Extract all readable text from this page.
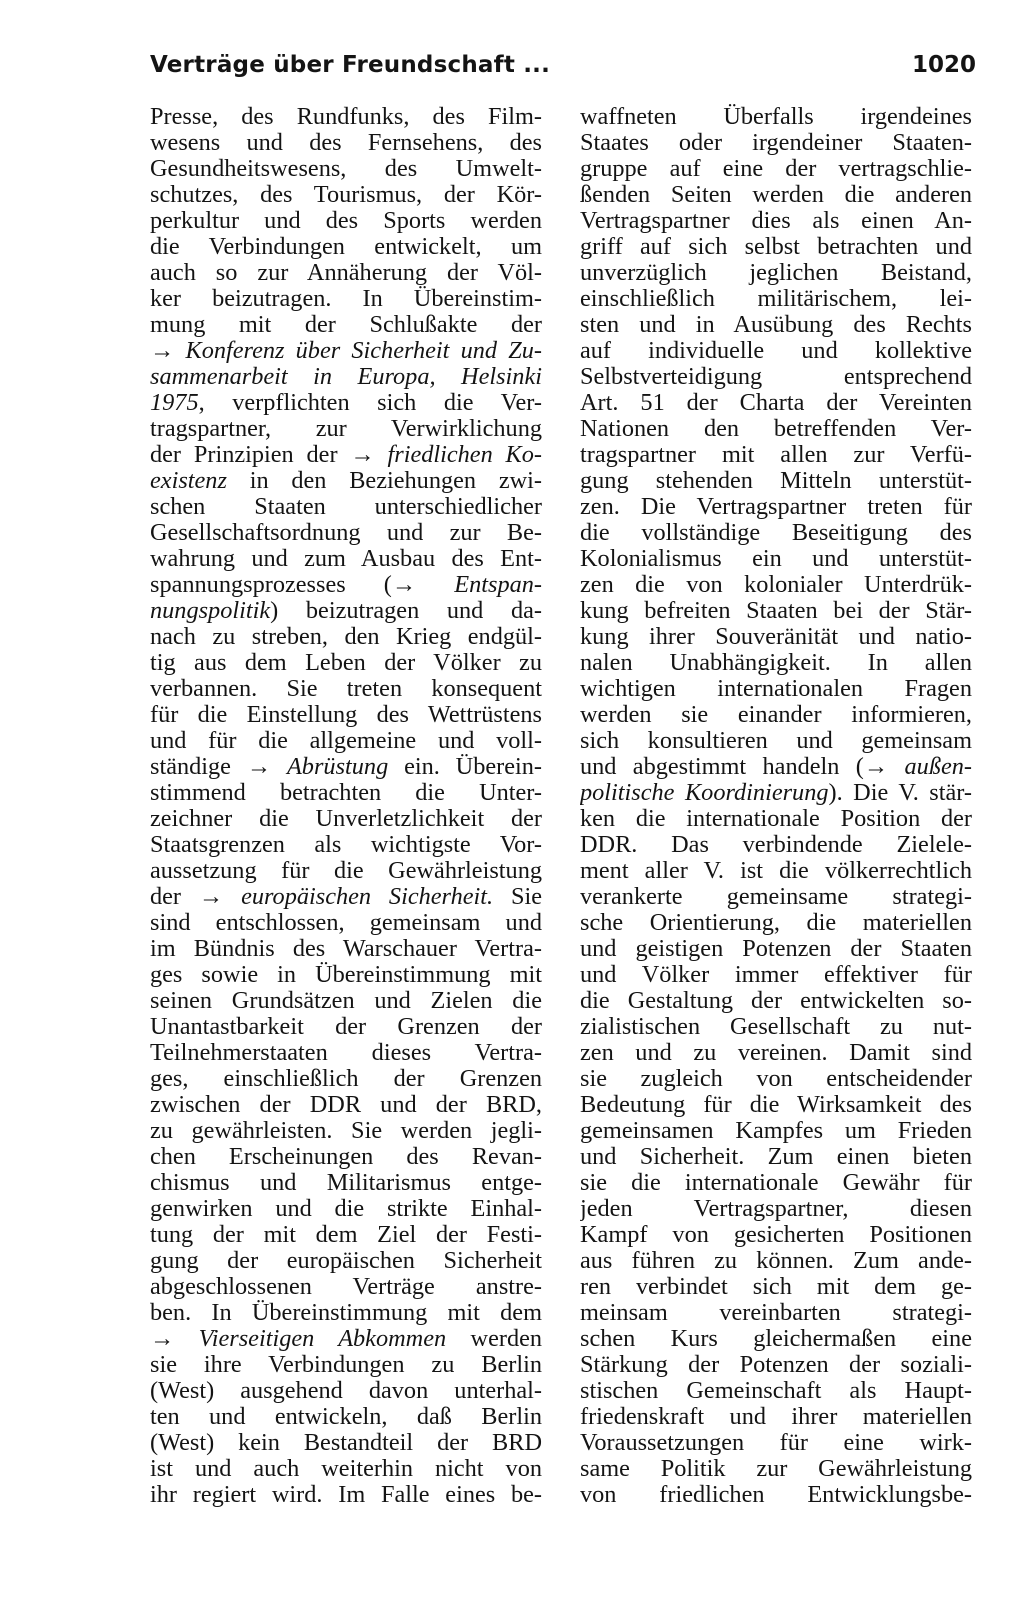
Verträge über Freundschaft ...	1020
Presse, des Rundfunks, des Film-
wesens und des Fernsehens, des
Gesundheitswesens, des Umwelt-
schutzes, des Tourismus, der Kör-
perkultur und des Sports werden
die Verbindungen entwickelt, um
auch so zur Annäherung der Völ-
ker beizutragen. In Übereinstim-
mung mit der Schlußakte der
→ Konferenz über Sicherheit und Zu-
sammenarbeit in Europa, Helsinki
1975, verpflichten sich die Ver-
tragspartner, zur Verwirklichung
der Prinzipien der → friedlichen Ko-
existenz in den Beziehungen zwi-
schen Staaten unterschiedlicher
Gesellschaftsordnung und zur Be-
wahrung und zum Ausbau des Ent-
spannungsprozesses (→ Entspan-
nungspolitik) beizutragen und da-
nach zu streben, den Krieg endgül-
tig aus dem Leben der Völker zu
verbannen. Sie treten konsequent
für die Einstellung des Wettrüstens
und für die allgemeine und voll-
ständige → Abrüstung ein. Überein-
stimmend betrachten die Unter-
zeichner die Unverletzlichkeit der
Staatsgrenzen als wichtigste Vor-
aussetzung für die Gewährleistung
der → europäischen Sicherheit. Sie
sind entschlossen, gemeinsam und
im Bündnis des Warschauer Vertra-
ges sowie in Übereinstimmung mit
seinen Grundsätzen und Zielen die
Unantastbarkeit der Grenzen der
Teilnehmerstaaten dieses Vertra-
ges, einschließlich der Grenzen
zwischen der DDR und der BRD,
zu gewährleisten. Sie werden jegli-
chen Erscheinungen des Revan-
chismus und Militarismus entge-
genwirken und die strikte Einhal-
tung der mit dem Ziel der Festi-
gung der europäischen Sicherheit
abgeschlossenen Verträge anstre-
ben. In Übereinstimmung mit dem
→ Vierseitigen Abkommen werden
sie ihre Verbindungen zu Berlin
(West) ausgehend davon unterhal-
ten und entwickeln, daß Berlin
(West) kein Bestandteil der BRD
ist und auch weiterhin nicht von
ihr regiert wird. Im Falle eines be-
waffneten Überfalls irgendeines
Staates oder irgendeiner Staaten-
gruppe auf eine der vertragschlie-
ßenden Seiten werden die anderen
Vertragspartner dies als einen An-
griff auf sich selbst betrachten und
unverzüglich jeglichen Beistand,
einschließlich militärischem, lei-
sten und in Ausübung des Rechts
auf individuelle und kollektive
Selbstverteidigung entsprechend
Art. 51 der Charta der Vereinten
Nationen den betreffenden Ver-
tragspartner mit allen zur Verfü-
gung stehenden Mitteln unterstüt-
zen. Die Vertragspartner treten für
die vollständige Beseitigung des
Kolonialismus ein und unterstüt-
zen die von kolonialer Unterdrük-
kung befreiten Staaten bei der Stär-
kung ihrer Souveränität und natio-
nalen Unabhängigkeit. In allen
wichtigen internationalen Fragen
werden sie einander informieren,
sich konsultieren und gemeinsam
und abgestimmt handeln (→ außen-
politische Koordinierung). Die V. stär-
ken die internationale Position der
DDR. Das verbindende Zielele-
ment aller V. ist die völkerrechtlich
verankerte gemeinsame strategi-
sche Orientierung, die materiellen
und geistigen Potenzen der Staaten
und Völker immer effektiver für
die Gestaltung der entwickelten so-
zialistischen Gesellschaft zu nut-
zen und zu vereinen. Damit sind
sie zugleich von entscheidender
Bedeutung für die Wirksamkeit des
gemeinsamen Kampfes um Frieden
und Sicherheit. Zum einen bieten
sie die internationale Gewähr für
jeden Vertragspartner, diesen
Kampf von gesicherten Positionen
aus führen zu können. Zum ande-
ren verbindet sich mit dem ge-
meinsam vereinbarten strategi-
schen Kurs gleichermaßen eine
Stärkung der Potenzen der soziali-
stischen Gemeinschaft als Haupt-
friedenskraft und ihrer materiellen
Voraussetzungen für eine wirk-
same Politik zur Gewährleistung
von friedlichen Entwicklungsbe-
